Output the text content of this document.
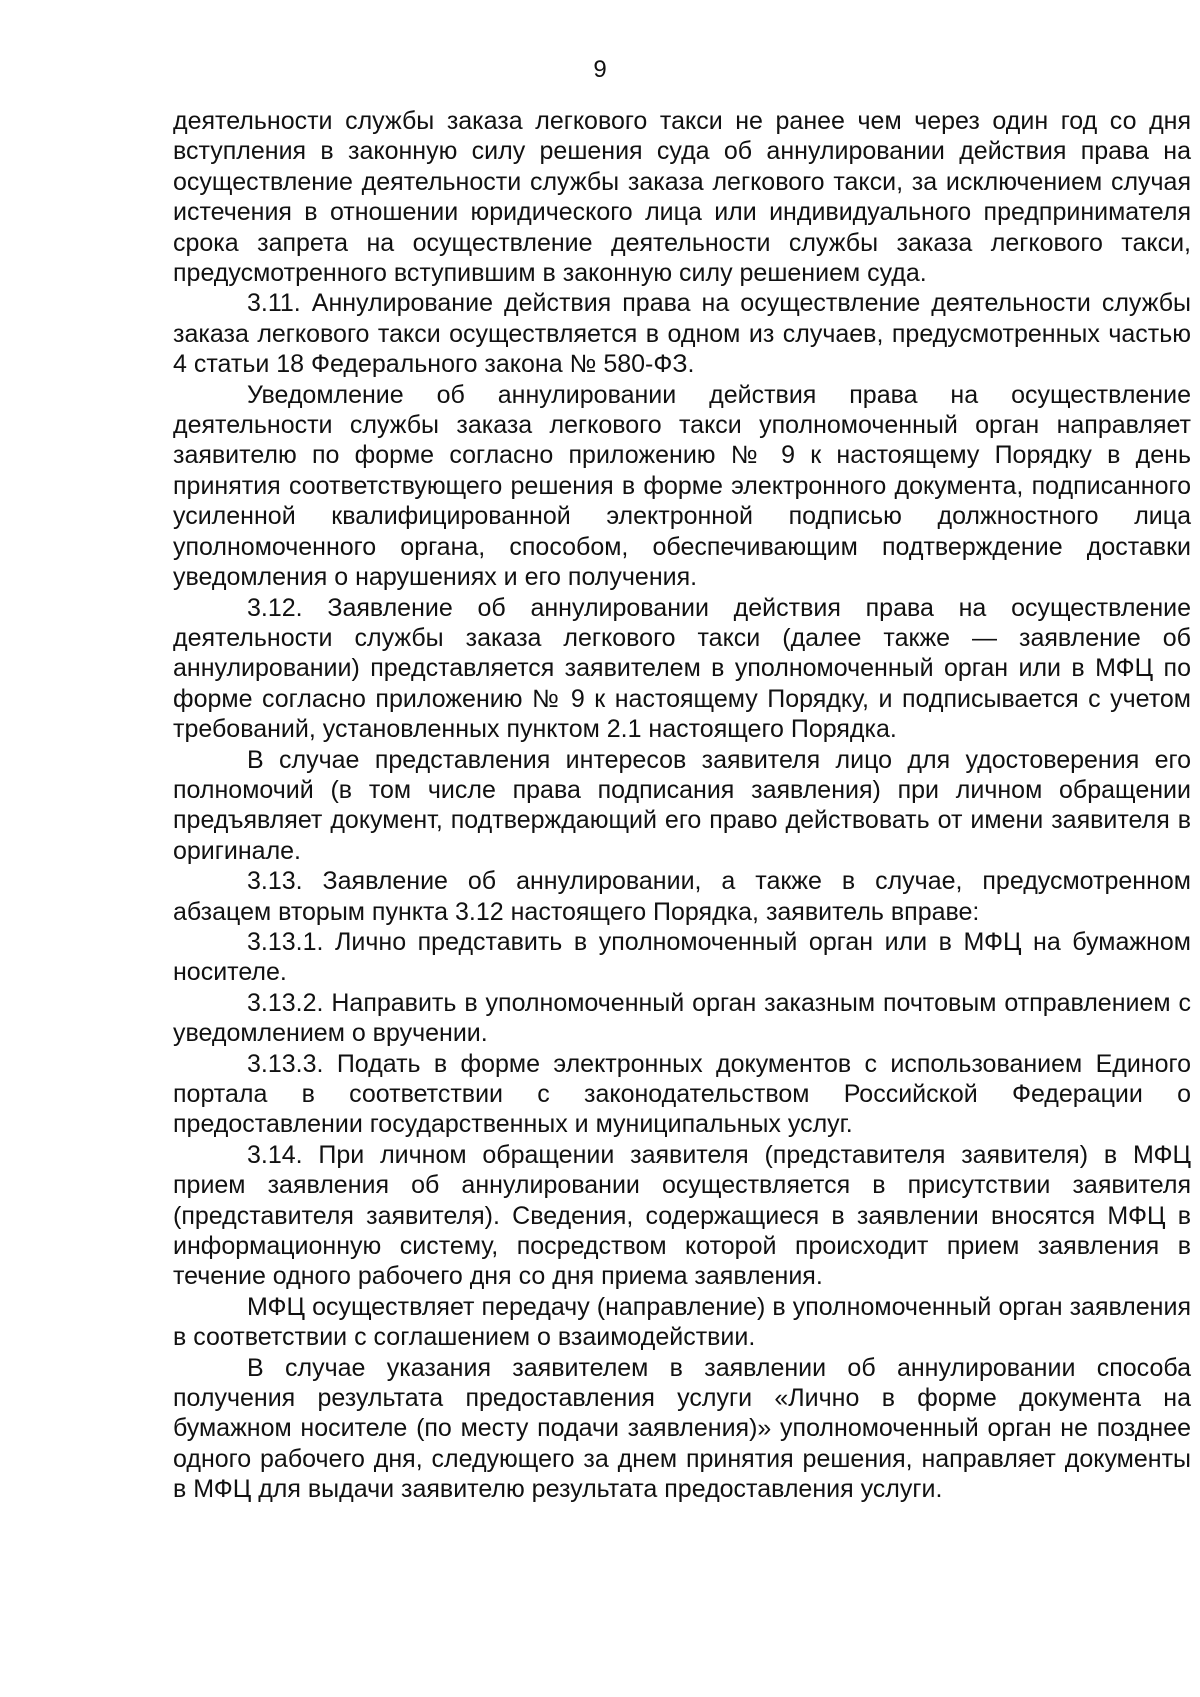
9

деятельности службы заказа легкового такси не ранее чем через один год со дня вступления в законную силу решения суда об аннулировании действия права на осуществление деятельности службы заказа легкового такси, за исключением случая истечения в отношении юридического лица или индивидуального предпринимателя срока запрета на осуществление деятельности службы заказа легкового такси, предусмотренного вступившим в законную силу решением суда.

3.11. Аннулирование действия права на осуществление деятельности службы заказа легкового такси осуществляется в одном из случаев, предусмотренных частью 4 статьи 18 Федерального закона № 580-ФЗ.

Уведомление об аннулировании действия права на осуществление деятельности службы заказа легкового такси уполномоченный орган направляет заявителю по форме согласно приложению № 9 к настоящему Порядку в день принятия соответствующего решения в форме электронного документа, подписанного усиленной квалифицированной электронной подписью должностного лица уполномоченного органа, способом, обеспечивающим подтверждение доставки уведомления о нарушениях и его получения.

3.12. Заявление об аннулировании действия права на осуществление деятельности службы заказа легкового такси (далее также — заявление об аннулировании) представляется заявителем в уполномоченный орган или в МФЦ по форме согласно приложению № 9 к настоящему Порядку, и подписывается с учетом требований, установленных пунктом 2.1 настоящего Порядка.

В случае представления интересов заявителя лицо для удостоверения его полномочий (в том числе права подписания заявления) при личном обращении предъявляет документ, подтверждающий его право действовать от имени заявителя в оригинале.

3.13. Заявление об аннулировании, а также в случае, предусмотренном абзацем вторым пункта 3.12 настоящего Порядка, заявитель вправе:

3.13.1. Лично представить в уполномоченный орган или в МФЦ на бумажном носителе.

3.13.2. Направить в уполномоченный орган заказным почтовым отправлением с уведомлением о вручении.

3.13.3. Подать в форме электронных документов с использованием Единого портала в соответствии с законодательством Российской Федерации о предоставлении государственных и муниципальных услуг.

3.14. При личном обращении заявителя (представителя заявителя) в МФЦ прием заявления об аннулировании осуществляется в присутствии заявителя (представителя заявителя). Сведения, содержащиеся в заявлении вносятся МФЦ в информационную систему, посредством которой происходит прием заявления в течение одного рабочего дня со дня приема заявления.

МФЦ осуществляет передачу (направление) в уполномоченный орган заявления в соответствии с соглашением о взаимодействии.

В случае указания заявителем в заявлении об аннулировании способа получения результата предоставления услуги «Лично в форме документа на бумажном носителе (по месту подачи заявления)» уполномоченный орган не позднее одного рабочего дня, следующего за днем принятия решения, направляет документы в МФЦ для выдачи заявителю результата предоставления услуги.
